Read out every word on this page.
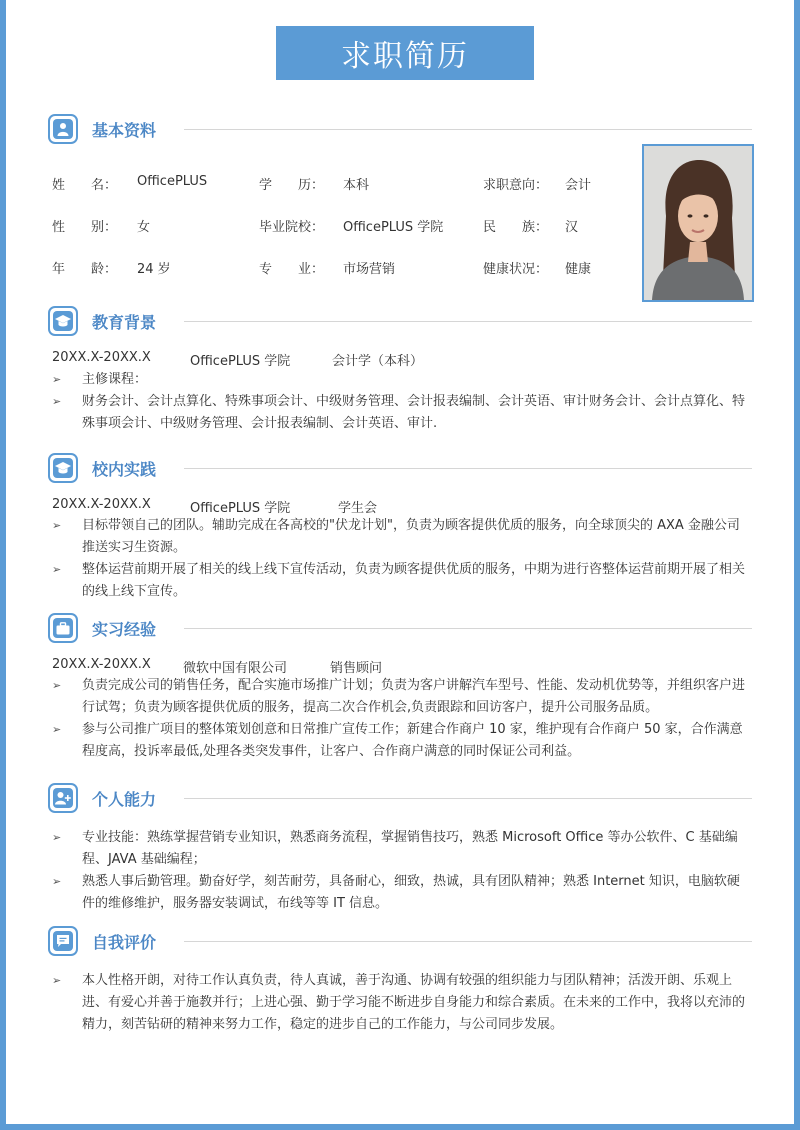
求职简历
基本资料
姓　　名： OfficePLUS	学　　历： 本科	求职意向： 会计
性　　别： 女	毕业院校： OfficePLUS 学院	民　　族： 汉
年　　龄： 24 岁	专　　业： 市场营销	健康状况： 健康
教育背景
20XX.X-20XX.X	OfficePLUS 学院	会计学（本科）
➢ 主修课程：
➢ 财务会计、会计点算化、特殊事项会计、中级财务管理、会计报表编制、会计英语、审计财务会计、会计点算化、特殊事项会计、中级财务管理、会计报表编制、会计英语、审计.
校内实践
20XX.X-20XX.X	OfficePLUS 学院	学生会
➢ 目标带领自己的团队。辅助完成在各高校的"伏龙计划"，负责为顾客提供优质的服务，向全球顶尖的 AXA 金融公司推送实习生资源。
➢ 整体运营前期开展了相关的线上线下宣传活动，负责为顾客提供优质的服务，中期为进行咨整体运营前期开展了相关的线上线下宣传。
实习经验
20XX.X-20XX.X 微软中国有限公司	销售顾问
➢ 负责完成公司的销售任务，配合实施市场推广计划；负责为客户讲解汽车型号、性能、发动机优势等，并组织客户进行试驾；负责为顾客提供优质的服务，提高二次合作机会,负责跟踪和回访客户，提升公司服务品质。
➢ 参与公司推广项目的整体策划创意和日常推广宣传工作；新建合作商户 10 家，维护现有合作商户 50 家，合作满意程度高，投诉率最低,处理各类突发事件，让客户、合作商户满意的同时保证公司利益。
个人能力
➢ 专业技能：熟练掌握营销专业知识，熟悉商务流程，掌握销售技巧，熟悉 Microsoft Office 等办公软件、C 基础编程、JAVA 基础编程；
➢ 熟悉人事后勤管理。勤奋好学，刻苦耐劳，具备耐心，细致，热诚，具有团队精神；熟悉 Internet 知识，电脑软硬件的维修维护，服务器安装调试，布线等等 IT 信息。
自我评价
➢ 本人性格开朗，对待工作认真负责，待人真诚，善于沟通、协调有较强的组织能力与团队精神；活泼开朗、乐观上进、有爱心并善于施教并行；上进心强、勤于学习能不断进步自身能力和综合素质。在未来的工作中，我将以充沛的精力，刻苦钻研的精神来努力工作，稳定的进步自己的工作能力，与公司同步发展。
